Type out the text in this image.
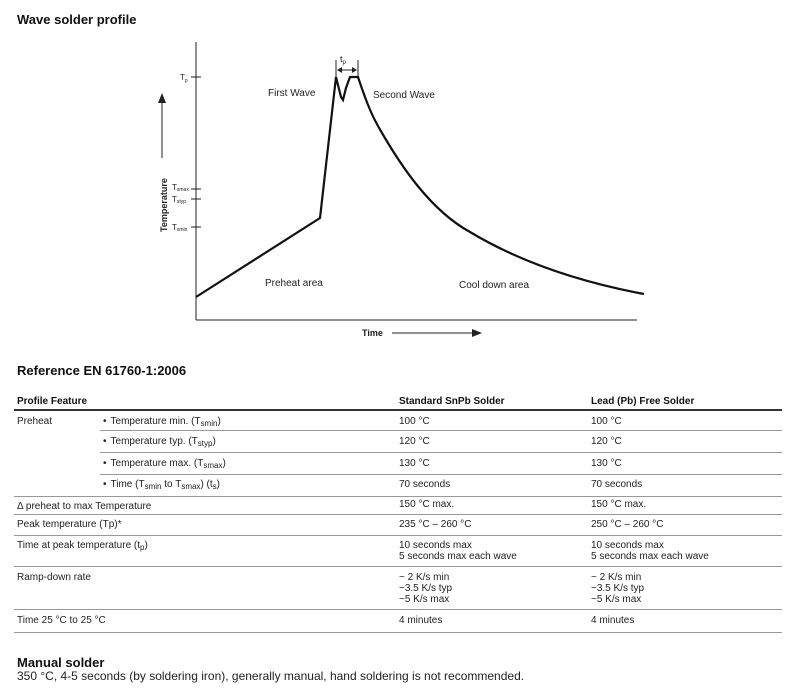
Wave solder profile
$T_p$
Tsmax
Tstyp
Tsmin
Temperature
Time
$t_p$
First Wave	Second Wave
Preheat area	Cool down area
Reference EN 61760-1:2006
Profile Feature	Standard SnPb Solder	Lead (Pb) Free Solder
Preheat
•	Temperature min. $(T_{smin})$	100 °C	100 °C
• Temperature typ. $(T_{styp})$	120 °C	120 °C
• Temperature max. $(T_{smax})$	130 °C	130 °C
• Time ($T_{smin}$ to $T_{smax}$) $(t_s)$	70 seconds	70 seconds
Δ preheat to max Temperature	150 °C max.	150 °C max.
Peak temperature (Tp)*	235 °C – 260 °C	250 °C – 260 °C
Time at peak temperature $(t_p)$	10 seconds max
5 seconds max each wave
10 seconds max
5 seconds max each wave
Ramp-down rate	~ 2 K/s min
~3.5 K/s typ
~5 K/s max
~ 2 K/s min
~3.5 K/s typ
~5 K/s max
Time 25 °C to 25 °C	4 minutes	4 minutes
Manual solder
350 °C, 4-5 seconds (by soldering iron), generally manual, hand soldering is not recommended.
